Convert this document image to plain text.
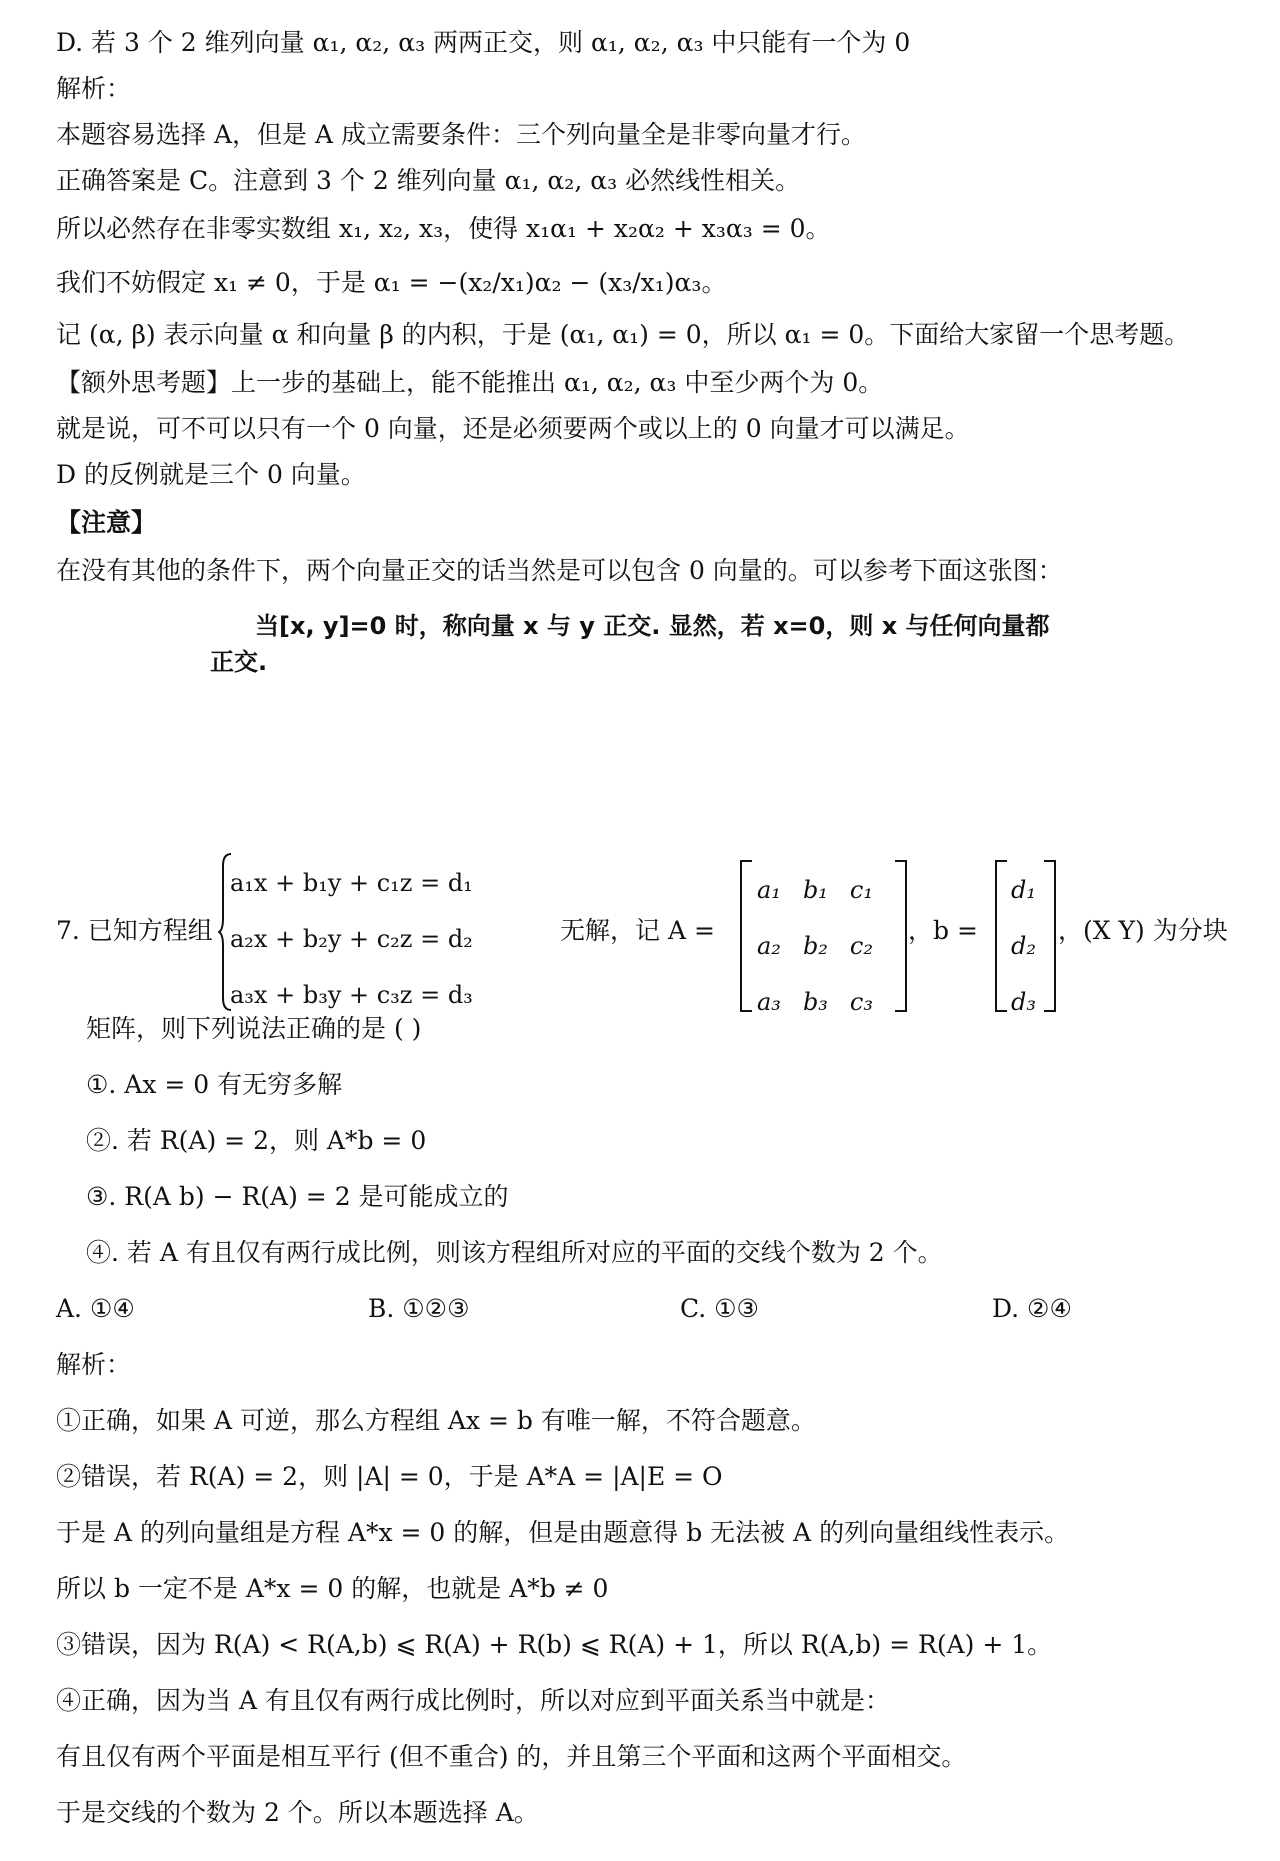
D. 若 3 个 2 维列向量 α₁, α₂, α₃ 两两正交，则 α₁, α₂, α₃ 中只能有一个为 0
解析：
本题容易选择 A，但是 A 成立需要条件：三个列向量全是非零向量才行。
正确答案是 C。注意到 3 个 2 维列向量 α₁, α₂, α₃ 必然线性相关。
所以必然存在非零实数组 x₁, x₂, x₃，使得 x₁α₁ + x₂α₂ + x₃α₃ = 0。
我们不妨假定 x₁ ≠ 0，于是 α₁ = −(x₂/x₁)α₂ − (x₃/x₁)α₃。
记 (α, β) 表示向量 α 和向量 β 的内积，于是 (α₁, α₁) = 0，所以 α₁ = 0。下面给大家留一个思考题。
【额外思考题】上一步的基础上，能不能推出 α₁, α₂, α₃ 中至少两个为 0。
就是说，可不可以只有一个 0 向量，还是必须要两个或以上的 0 向量才可以满足。
D 的反例就是三个 0 向量。
【注意】
在没有其他的条件下，两个向量正交的话当然是可以包含 0 向量的。可以参考下面这张图：
当[x, y]=0 时，称向量 x 与 y 正交. 显然，若 x=0，则 x 与任何向量都
正交.
7. 已知方程组
a₁x + b₁y + c₁z = d₁
a₂x + b₂y + c₂z = d₂
a₃x + b₃y + c₃z = d₃
无解，记 A =
a₁	b₁	c₁
a₂	b₂	c₂
a₃	b₃	c₃
，b =
d₁
d₂
d₃
，(X Y) 为分块
矩阵，则下列说法正确的是 ( )
①. Ax = 0 有无穷多解
②. 若 R(A) = 2，则 A*b = 0
③. R(A b) − R(A) = 2 是可能成立的
④. 若 A 有且仅有两行成比例，则该方程组所对应的平面的交线个数为 2 个。
A. ①④	B. ①②③	C. ①③	D. ②④
解析：
①正确，如果 A 可逆，那么方程组 Ax = b 有唯一解，不符合题意。
②错误，若 R(A) = 2，则 |A| = 0，于是 A*A = |A|E = O
于是 A 的列向量组是方程 A*x = 0 的解，但是由题意得 b 无法被 A 的列向量组线性表示。
所以 b 一定不是 A*x = 0 的解，也就是 A*b ≠ 0
③错误，因为 R(A) < R(A,b) ⩽ R(A) + R(b) ⩽ R(A) + 1，所以 R(A,b) = R(A) + 1。
④正确，因为当 A 有且仅有两行成比例时，所以对应到平面关系当中就是：
有且仅有两个平面是相互平行 (但不重合) 的，并且第三个平面和这两个平面相交。
于是交线的个数为 2 个。所以本题选择 A。
